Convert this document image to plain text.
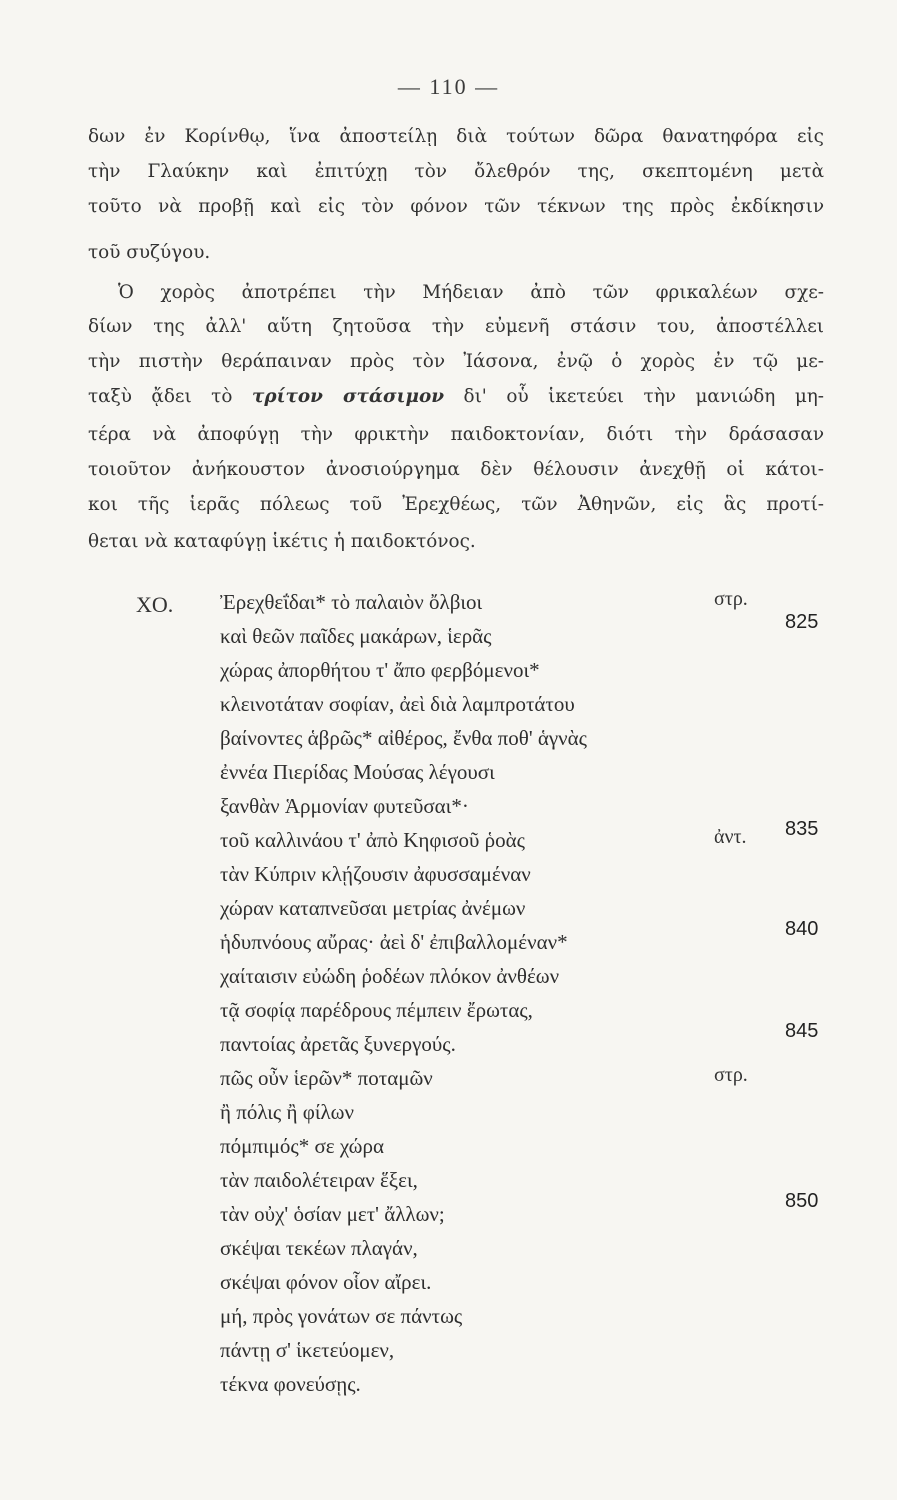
— 110 —
δων ἐν Κορίνθῳ, ἵνα ἀποστείλῃ διὰ τούτων δῶρα θανατηφόρα εἰς
τὴν Γλαύκην καὶ ἐπιτύχῃ τὸν ὄλεθρόν της, σκεπτομένη μετὰ
τοῦτο νὰ προβῇ καὶ εἰς τὸν φόνον τῶν τέκνων της πρὸς ἐκδίκησιν
τοῦ συζύγου.
Ὁ χορὸς ἀποτρέπει τὴν Μήδειαν ἀπὸ τῶν φρικαλέων σχε-
δίων της ἀλλ' αὕτη ζητοῦσα τὴν εὐμενῆ στάσιν του, ἀποστέλλει
τὴν πιστὴν θεράπαιναν πρὸς τὸν Ἰάσονα, ἐνῷ ὁ χορὸς ἐν τῷ με-
ταξὺ ᾄδει τὸ τρίτον στάσιμον δι' οὗ ἱκετεύει τὴν μανιώδη μη-
τέρα νὰ ἀποφύγῃ τὴν φρικτὴν παιδοκτονίαν, διότι τὴν δράσασαν
τοιοῦτον ἀνήκουστον ἀνοσιούργημα δὲν θέλουσιν ἀνεχθῇ οἱ κάτοι-
κοι τῆς ἱερᾶς πόλεως τοῦ Ἐρεχθέως, τῶν Ἀθηνῶν, εἰς ἃς προτί-
θεται νὰ καταφύγῃ ἱκέτις ἡ παιδοκτόνος.
ΧΟ. Ἐρεχθεΐδαι* τὸ παλαιὸν ὄλβιοι
καὶ θεῶν παῖδες μακάρων, ἱερᾶς
χώρας ἀπορθήτου τ' ἄπο φερβόμενοι*
κλεινοτάταν σοφίαν, ἀεὶ διὰ λαμπροτάτου
βαίνοντες ἁβρῶς* αἰθέρος, ἔνθα ποθ' ἁγνὰς
ἐννέα Πιερίδας Μούσας λέγουσι
ξανθὰν Ἁρμονίαν φυτεῦσαι*·
τοῦ καλλινάου τ' ἀπὸ Κηφισοῦ ῥοὰς
τὰν Κύπριν κλῄζουσιν ἀφυσσαμέναν
χώραν καταπνεῦσαι μετρίας ἀνέμων
ἡδυπνόους αὔρας· ἀεὶ δ' ἐπιβαλλομέναν*
χαίταισιν εὐώδη ῥοδέων πλόκον ἀνθέων
τᾷ σοφίᾳ παρέδρους πέμπειν ἔρωτας,
παντοίας ἀρετᾶς ξυνεργούς.
πῶς οὖν ἱερῶν* ποταμῶν
ἢ πόλις ἢ φίλων
πόμπιμός* σε χώρα
τὰν παιδολέτειραν ἕξει,
τὰν οὐχ' ὁσίαν μετ' ἄλλων;
σκέψαι τεκέων πλαγάν,
σκέψαι φόνον οἷον αἴρει.
μή, πρὸς γονάτων σε πάντως
πάντῃ σ' ἱκετεύομεν,
τέκνα φονεύσῃς.
στρ.
ἀντ.
στρ.
825
835
840
845
850
